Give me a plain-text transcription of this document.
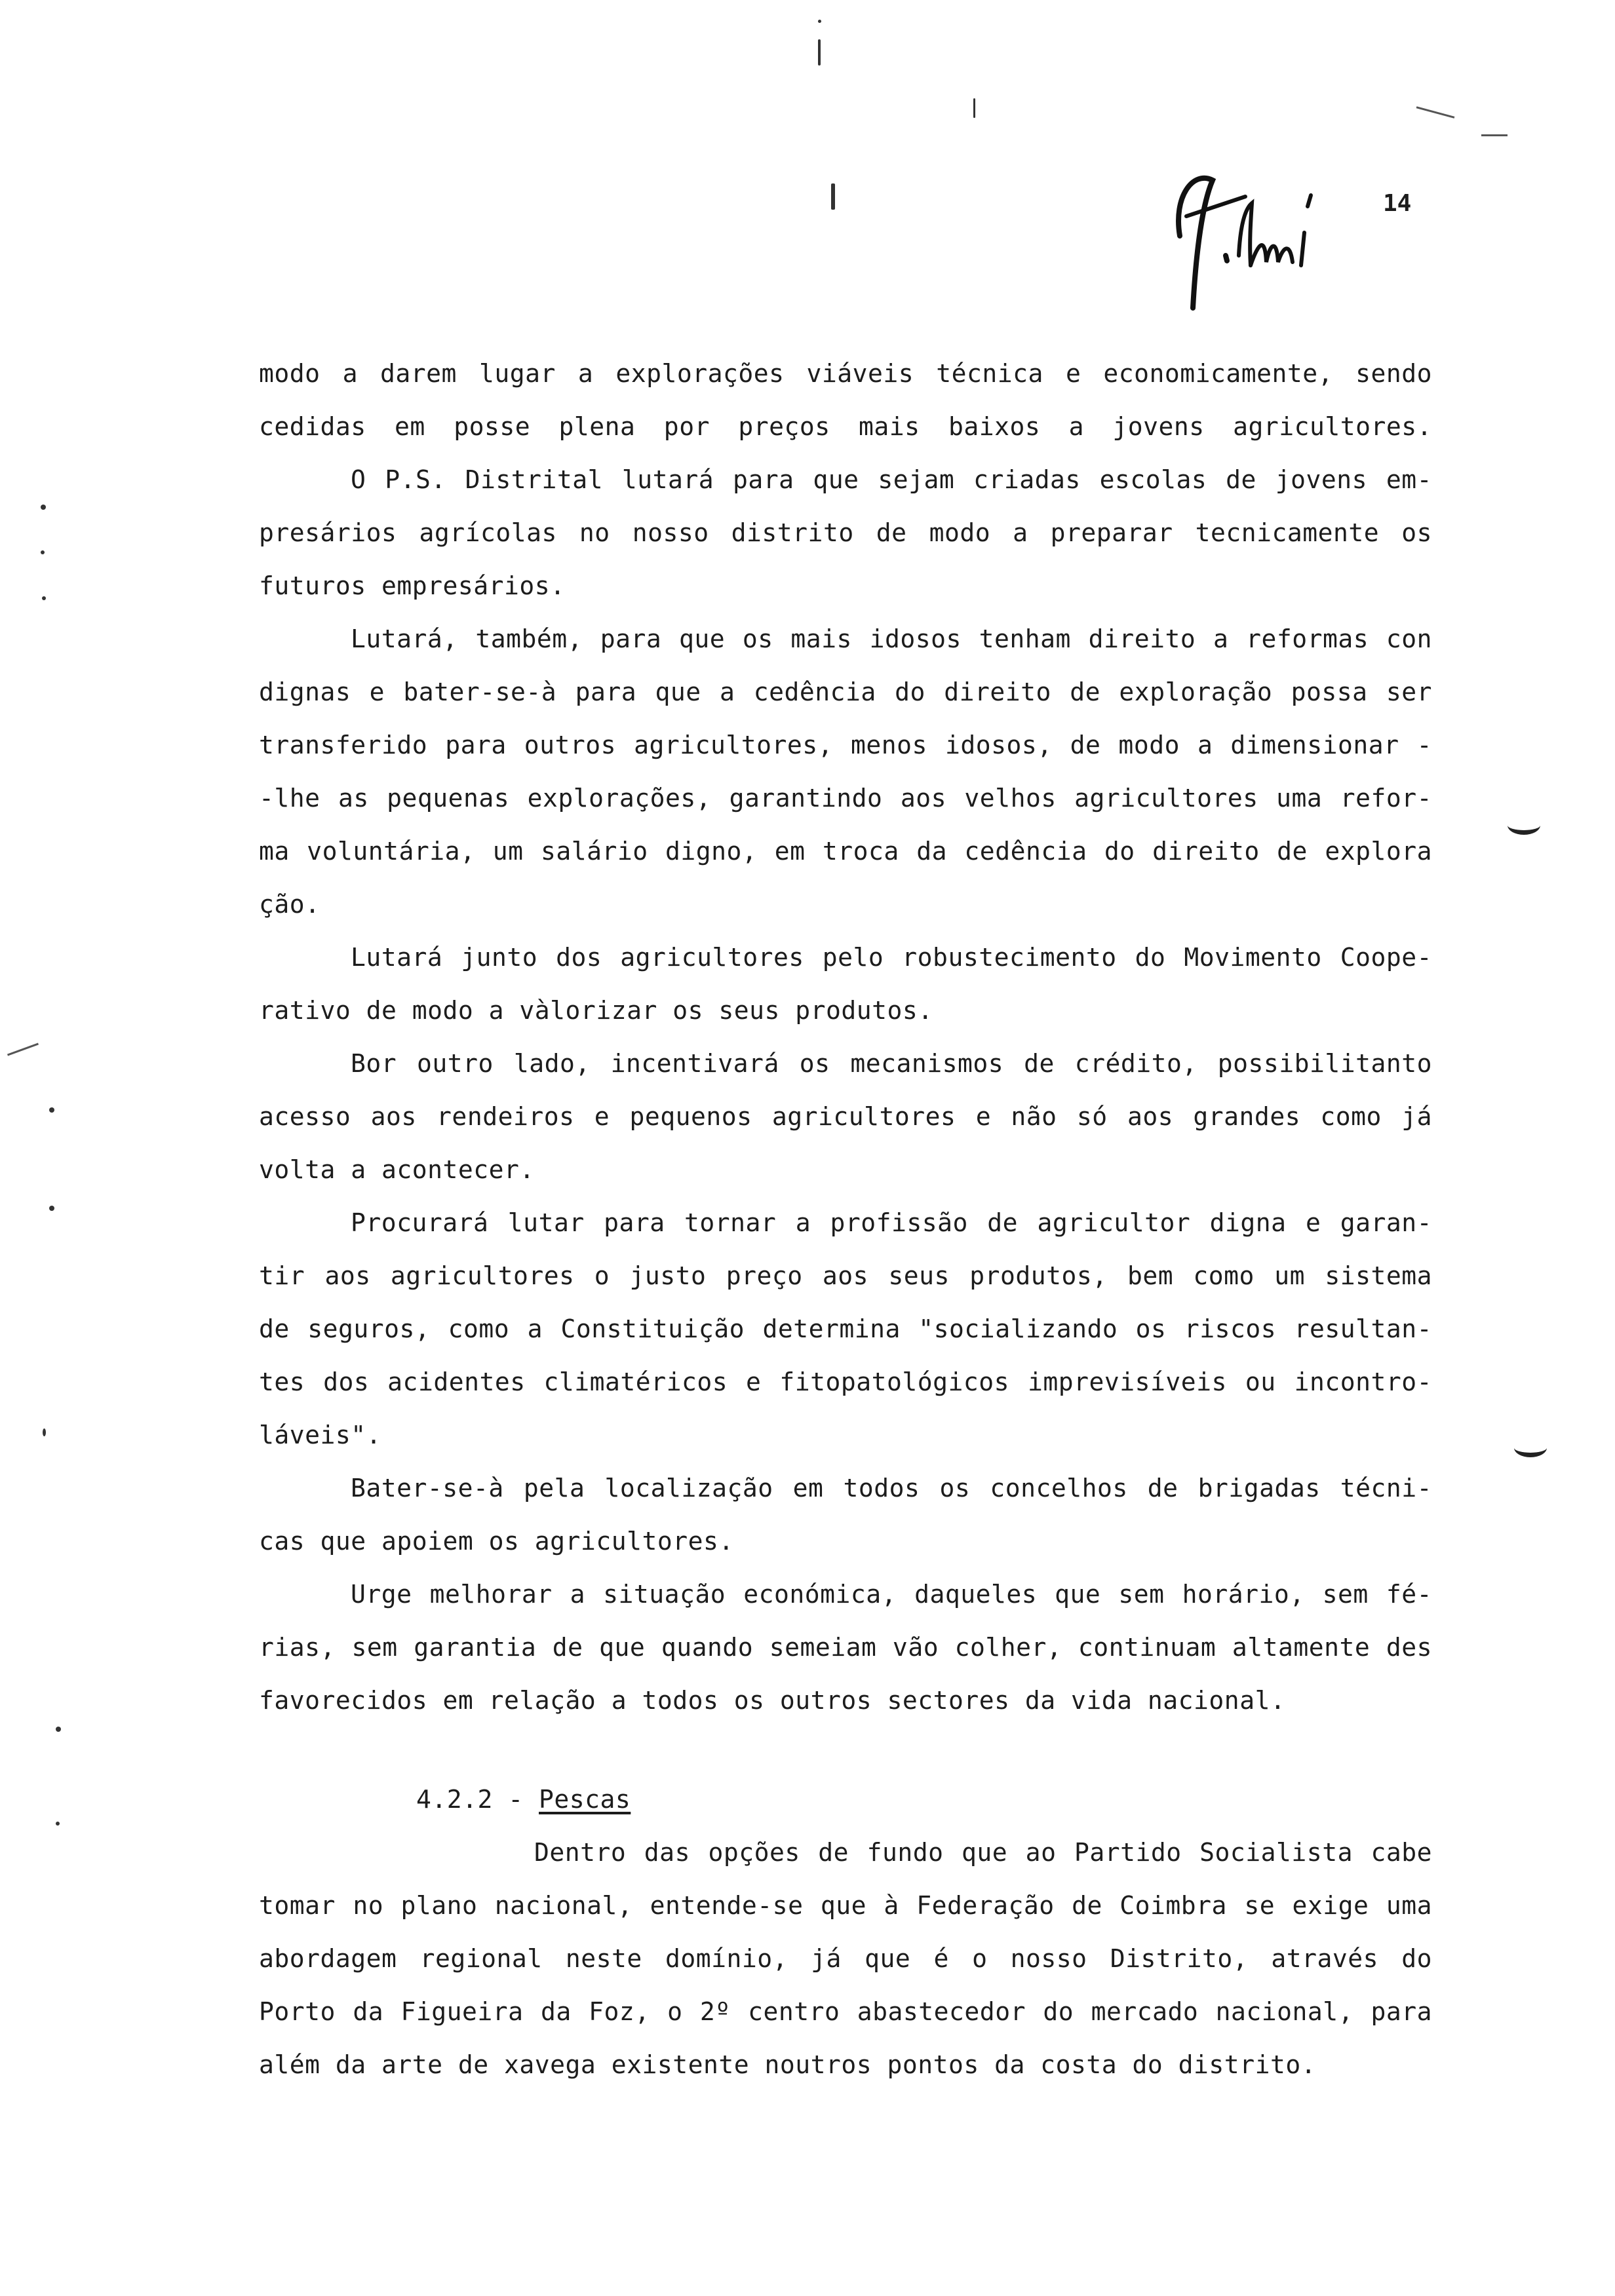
14
modo a darem lugar a explorações viáveis técnica e economicamente, sendo
cedidas em posse plena por preços mais baixos a jovens agricultores.
O P.S. Distrital lutará para que sejam criadas escolas de jovens em-
presários agrícolas no nosso distrito de modo a preparar tecnicamente os
futuros empresários.
Lutará, também, para que os mais idosos tenham direito a reformas con
dignas e bater-se-à para que a cedência do direito de exploração possa ser
transferido para outros agricultores, menos idosos, de modo a dimensionar -
-lhe as pequenas explorações, garantindo aos velhos agricultores uma refor-
ma voluntária, um salário digno, em troca da cedência do direito de explora
ção.
Lutará junto dos agricultores pelo robustecimento do Movimento Coope-
rativo de modo a vàlorizar os seus produtos.
Bor outro lado, incentivará os mecanismos de crédito, possibilitanto
acesso aos rendeiros e pequenos agricultores e não só aos grandes como já
volta a acontecer.
Procurará lutar para tornar a profissão de agricultor digna e garan-
tir aos agricultores o justo preço aos seus produtos, bem como um sistema
de seguros, como a Constituição determina "socializando os riscos resultan-
tes dos acidentes climatéricos e fitopatológicos imprevisíveis ou incontro-
láveis".
Bater-se-à pela localização em todos os concelhos de brigadas técni-
cas que apoiem os agricultores.
Urge melhorar a situação económica, daqueles que sem horário, sem fé-
rias, sem garantia de que quando semeiam vão colher, continuam altamente des
favorecidos em relação a todos os outros sectores da vida nacional.
4.2.2 - Pescas
Dentro das opções de fundo que ao Partido Socialista cabe
tomar no plano nacional, entende-se que à Federação de Coimbra se exige uma
abordagem regional neste domínio, já que é o nosso Distrito, através do
Porto da Figueira da Foz, o 2º centro abastecedor do mercado nacional, para
além da arte de xavega existente noutros pontos da costa do distrito.
